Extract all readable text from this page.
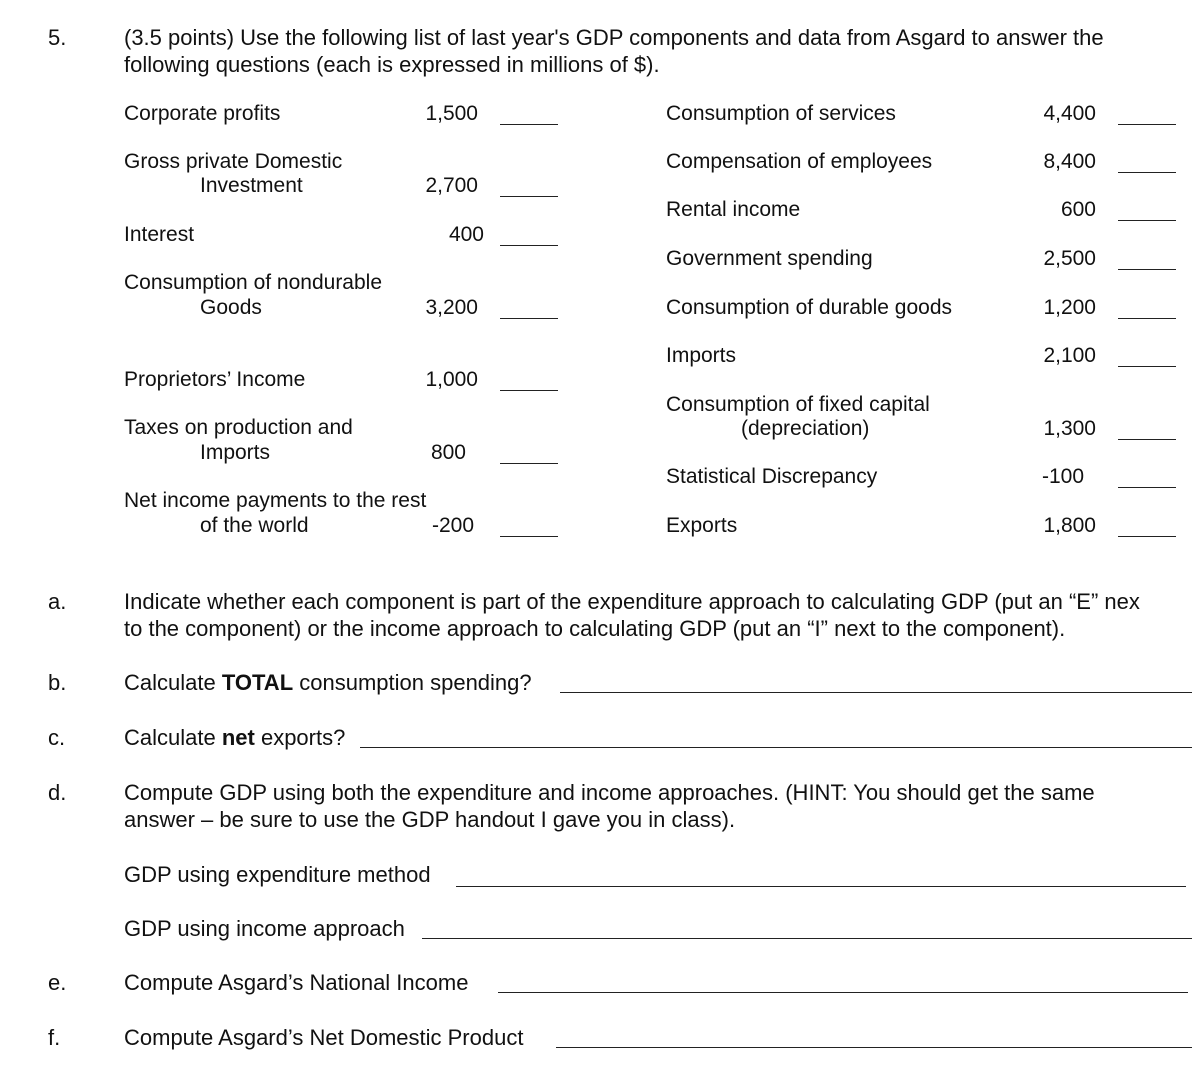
5.	(3.5 points) Use the following list of last year's GDP components and data from Asgard to answer the
following questions (each is expressed in millions of $).
Corporate profits	1,500
Gross private Domestic
Investment	2,700
Interest	400
Consumption of nondurable
Goods	3,200
Proprietors’ Income	1,000
Taxes on production and
Imports	800
Net income payments to the rest
of the world	-200
Consumption of services	4,400
Compensation of employees	8,400
Rental income	600
Government spending	2,500
Consumption of durable goods	1,200
Imports	2,100
Consumption of fixed capital
(depreciation)	1,300
Statistical Discrepancy	-100
Exports	1,800
a.	Indicate whether each component is part of the expenditure approach to calculating GDP (put an “E” nex
to the component) or the income approach to calculating GDP (put an “I” next to the component).
b.	Calculate TOTAL consumption spending?
c.	Calculate net exports?
d.	Compute GDP using both the expenditure and income approaches. (HINT: You should get the same
answer – be sure to use the GDP handout I gave you in class).
GDP using expenditure method
GDP using income approach
e.	Compute Asgard’s National Income
f.	Compute Asgard’s Net Domestic Product
